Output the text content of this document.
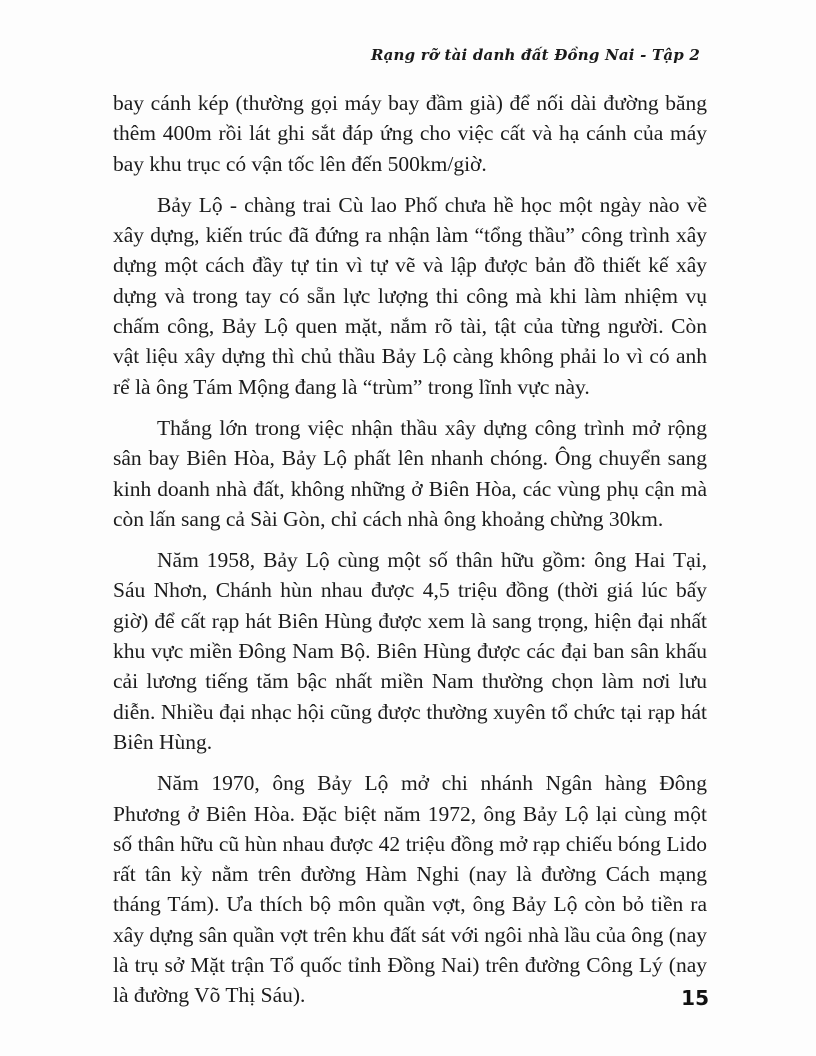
Rạng rỡ tài danh đất Đồng Nai - Tập 2

bay cánh kép (thường gọi máy bay đầm già) để nối dài đường băng thêm 400m rồi lát ghi sắt đáp ứng cho việc cất và hạ cánh của máy bay khu trục có vận tốc lên đến 500km/giờ.

Bảy Lộ - chàng trai Cù lao Phố chưa hề học một ngày nào về xây dựng, kiến trúc đã đứng ra nhận làm “tổng thầu” công trình xây dựng một cách đầy tự tin vì tự vẽ và lập được bản đồ thiết kế xây dựng và trong tay có sẵn lực lượng thi công mà khi làm nhiệm vụ chấm công, Bảy Lộ quen mặt, nắm rõ tài, tật của từng người. Còn vật liệu xây dựng thì chủ thầu Bảy Lộ càng không phải lo vì có anh rể là ông Tám Mộng đang là “trùm” trong lĩnh vực này.

Thắng lớn trong việc nhận thầu xây dựng công trình mở rộng sân bay Biên Hòa, Bảy Lộ phất lên nhanh chóng. Ông chuyển sang kinh doanh nhà đất, không những ở Biên Hòa, các vùng phụ cận mà còn lấn sang cả Sài Gòn, chỉ cách nhà ông khoảng chừng 30km.

Năm 1958, Bảy Lộ cùng một số thân hữu gồm: ông Hai Tại, Sáu Nhơn, Chánh hùn nhau được 4,5 triệu đồng (thời giá lúc bấy giờ) để cất rạp hát Biên Hùng được xem là sang trọng, hiện đại nhất khu vực miền Đông Nam Bộ. Biên Hùng được các đại ban sân khấu cải lương tiếng tăm bậc nhất miền Nam thường chọn làm nơi lưu diễn. Nhiều đại nhạc hội cũng được thường xuyên tổ chức tại rạp hát Biên Hùng.

Năm 1970, ông Bảy Lộ mở chi nhánh Ngân hàng Đông Phương ở Biên Hòa. Đặc biệt năm 1972, ông Bảy Lộ lại cùng một số thân hữu cũ hùn nhau được 42 triệu đồng mở rạp chiếu bóng Lido rất tân kỳ nằm trên đường Hàm Nghi (nay là đường Cách mạng tháng Tám). Ưa thích bộ môn quần vợt, ông Bảy Lộ còn bỏ tiền ra xây dựng sân quần vợt trên khu đất sát với ngôi nhà lầu của ông (nay là trụ sở Mặt trận Tổ quốc tỉnh Đồng Nai) trên đường Công Lý (nay là đường Võ Thị Sáu).	15
